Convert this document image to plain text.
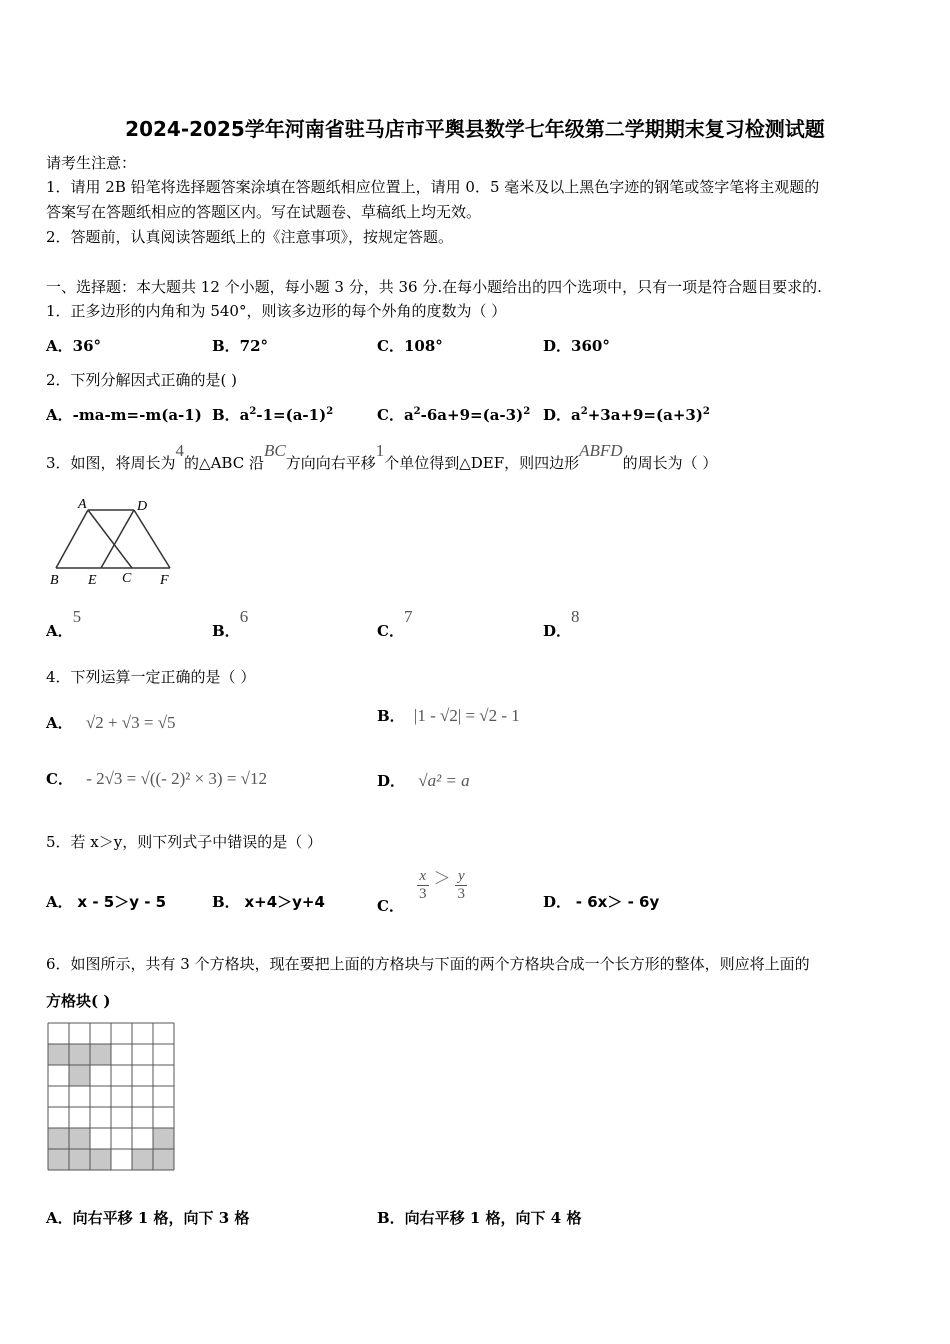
2024-2025学年河南省驻马店市平舆县数学七年级第二学期期末复习检测试题
请考生注意：
1．请用 2B 铅笔将选择题答案涂填在答题纸相应位置上，请用 0．5 毫米及以上黑色字迹的钢笔或签字笔将主观题的
答案写在答题纸相应的答题区内。写在试题卷、草稿纸上均无效。
2．答题前，认真阅读答题纸上的《注意事项》，按规定答题。
一、选择题：本大题共 12 个小题，每小题 3 分，共 36 分.在每小题给出的四个选项中，只有一项是符合题目要求的.
1．正多边形的内角和为 540°，则该多边形的每个外角的度数为（ ）
A．36°	B．72°	C．108°	D．360°
2．下列分解因式正确的是( )
A．-ma-m=-m(a-1) B．$a^2-1=(a-1)^2$	C．$a^2-6a+9=(a-3)^2$ D．$a^2+3a+9=(a+3)^2$
3．如图，将周长为4的△ABC 沿BC方向向右平移1个单位得到△DEF，则四边形ABFD的周长为（ ）
A	D
B E C F
A．5
B．6
C．7
D．8
4．下列运算一定正确的是（ ）
A． √2 + √3 = √5	B． |1 - √2| = √2 - 1
C． - 2√3 = √((- 2)² × 3) = √12	D． √a² = a
5．若 x＞y，则下列式子中错误的是（ ）
A． x - 5＞y - 5	B． x+4＞y+4	C．
$\frac{x}{3} > \frac{y}{3}$	D． - 6x＞ - 6y
6．如图所示，共有 3 个方格块，现在要把上面的方格块与下面的两个方格块合成一个长方形的整体，则应将上面的
方格块( )
A．向右平移 1 格，向下 3 格	B．向右平移 1 格，向下 4 格
